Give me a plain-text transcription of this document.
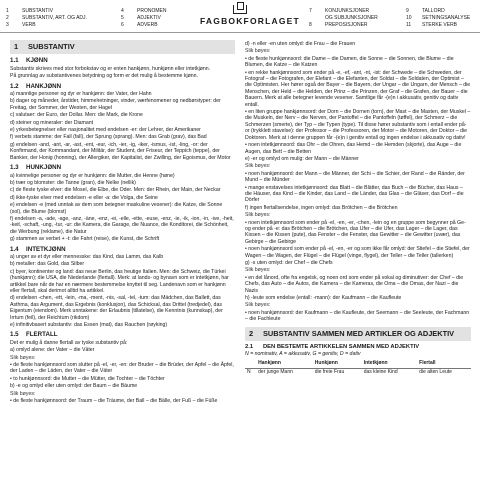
1	SUBSTANTIV
2	SUBSTANTIV, ART. OG ADJ.
3	VERB
4	PRONOMEN
5	ADJEKTIV
6	ADVERB	FAGBOKFORLAGET
7	KONJUNKSJONER
OG SUBJUNKSJONER
8	PREPOSISJONER
9	TALLORD
10	SETNINGSANALYSE
11	STERKE VERB
1 SUBSTANTIV
1.1 KJØNN
Substantiv skrives med stor forbokstav og er enten hankjønn, hunkjønn eller intetkjønn.
På grunnlag av substantivenes betydning og form er det mulig å bestemme kjønn.
1.2 HANKJØNN
a) mannlige personer og dyr er hankjønn: der Vater, der Hahn
b) dager og måneder, årstider, himmelretninger, vinder, værfenomener og nedbørstyper: der Freitag, der Sommer, der Westen, der Hagel
c) valutaer: der Euro, der Dollar. Men: die Mark, die Krone
d) steiner og mineraler: der Diamant
e) yrkesbetegnelser eller nasjonalitet med endelsen -er: der Lehrer, der Amerikaner
f) verbets stamme: der Fall (fall), der Sprung (sprang). Men: das Grab (grav), das Bad
g) endelsen -and, -ant, -ar, -ast, -ent, -eur, -ich, -ier, -ig, -iker, -ismus, -ist, -ling, -or: der Konfirmand, der Kommandant, der Militär, der Student, der Friseur, der Teppich (teppe), der Bankier, der Honig (honning), der Allergiker, der Kapitalist, der Zwilling, der Egoismus, der Motor
1.3 HUNKJØNN
a) kvinnelige personer og dyr er hunkjønn: die Mutter, die Henne (høne)
b) trær og blomster: die Tanne (gran), die Nelke (nellik)
c) de fleste tyske elver: die Mosel, die Elbe, die Oder. Men: der Rhein, der Main, der Neckar
d) ikke-tyske elver med endelsen -e eller -a: die Volga, die Seine
e) endelsen -e (med unntak av dem som betegner maskuline vesener): die Katze, die Sonne (sol), die Blume (blomst)
f) endelsen -a, -ade, -age, -anz, -äne, -enz, -ei, -elle, -ette, -euse, -enz, -ie, -ik, -ion, -in, -ive, -heit, -keit, -schaft, -ung, -tur, -ur: die Kamera, die Garage, die Nuance, die Konditorei, die Schönheit, die Werbung (reklame), die Natur
g) stammen av verbet + -t: die Fahrt (reise), die Kunst, die Schrift
1.4 INTETKJØNN
a) unger av et dyr eller mennesske: das Kind, das Lamm, das Kalb
b) metaller: das Gold, das Silber
c) byer, kontinenter og land: das neue Berlin, das heutige Italien. Men: die Schweiz, die Türkei (hunkjønn); die USA, die Niederlande (flertall). Merk: at lands- og bynavn som er intetkjønn, har artikkel bare når de har en nærmere bestemmelse knyttet til seg. Landenavn som er hankjønn eller flertall, skal derimot alltid ha artikkel.
d) endelsen -chen, -ett, -lein, -ma, -ment, -nis, -sal, -tel, -tum: das Mädchen, das Ballett, das Asthma, das Argument, das Ergebnis (konklusjon), das Schicksal, das Drittel (tredjedel), das Eigentum (eiendom). Merk unntakene: der Erlaubnis (tillatelse), die Kenntnis (kunnskap), der Irrtum (feil), der Reichtum (rikdom)
e) infinitivbasert substantiv: das Essen (mat), das Rauchen (røyking)
1.5 FLERTALL
Det er mulig å danne flertall av tyske substantiv på:
a) omlyd alene: der Vater – die Väter
Slik bøyes:
• de fleste hankjønnsord som slutter på -el, -er, -en: der Bruder – die Brüder, der Apfel – die Äpfel, der Laden – die Läden, der Vater – die Väter
• to hunkjønnsord: die Mutter – die Mütter, die Tochter – die Töchter
b) -e og omlyd eller uten omlyd: der Baum – die Bäume
Slik bøyes:
• de fleste hankjønnsord: der Traum – die Träume, der Ball – die Bälle, der Fuß – die Füße
d) -n eller -en uten omlyd: die Frau – die Frauen
Slik bøyes:
• de fleste hunkjønnsord: die Dame – die Damen, die Sonne – die Sonnen, die Blume – die Blumen, die Katze – die Katzen
• en rekke hankjønnsord som ender på -e, -ef, -ant, -nt, -ist: der Schwede – die Schweden, der Fotograf – die Fotografen, der Elefant – die Elefanten, der Soldat – die Soldaten, der Optimist – die Optimisten. Her hører også der Bayer – die Bayern, der Ungar – die Ungarn, der Mensch – die Menschen, der Held – die Helden, der Prinz – die Prinzen, der Graf – die Grafen, der Bauer – die Bauern. Merk at alle betegner levende vesener. Samtlige får -(e)n i akkusativ, genitiv og dativ entall.
• en liten gruppe hankjønnsord: der Dorn – die Dornen (torn), der Mast – die Masten, der Muskel – die Muskeln, der Nerv – die Nerven, der Pantoffel – die Pantoffeln (tøffel), der Schmerz – die Schmerzen (smerte), der Typ – die Typen (type). Til disse hører substantiv som i entall ender på-or (trykklett stavelse): der Professor – die Professoren, der Motor – die Motoren, der Doktor – die Doktoren. Merk at i denne gruppen får -(e)n i genitiv entall og ingen endelse i akkusativ og dativ!
• noen intetkjønnsord: das Ohr – die Ohren, das Hemd – die Hemden (skjorte), das Auge – die Augen, das Bett – die Betten
e) -er og omlyd om mulig: der Mann – die Männer
Slik bøyes:
• noen hankjønnsord: der Mann – die Männer, der Schi – die Schier, der Rand – die Ränder, der Mund – die Münder
• mange enstavelses intetkjønnsord: das Blatt – die Blätter, das Buch – die Bücher, das Haus – die Häuser, das Kind – die Kinder, das Land – die Länder, das Glas – die Gläser, das Dorf – die Dörfer
f) ingen flertallsendelse, ingen omlyd: das Brötchen – die Brötchen
Slik bøyes:
• noen intetkjønnsord som ender på -el, -en, -er, -chen, -lein og en gruppe som begynner på Ge- og ender på -e: das Brötchen – die Brötchen, das Ufer – die Ufer, das Lager – die Lager, das Kissen – die Kissen (pute), das Fenster – die Fenster, das Gewitter – die Gewitter (uvær), das Gebirge – die Gebirge
• noen hankjønnsord som ender på -el, -en, -er og som ikke får omlyd: der Stiefel – die Stiefel, der Wagen – die Wagen, der Flügel – die Flügel (vinge, flygel), der Teller – die Teller (tallerken)
g) -s uten omlyd: der Chef – die Chefs
Slik bøyes:
• en del lånord, ofte fra engelsk, og noen ord som ender på vokal og diminutiver: der Chef – die Chefs, das Auto – die Autos, die Kamera – die Kameras, die Oma – die Omas, der Nazi – die Nazis
h) -leute som endelse (entall: -mann): der Kaufmann – die Kaufleute
Slik bøyes:
• noen hankjønnsord: der Kaufmann – die Kaufleute, der Seemann – die Seeleute, der Fachmann – die Fachleute
2 SUBSTANTIV SAMMEN MED ARTIKLER OG ADJEKTIV
2.1 DEN BESTEMTE ARTIKKELEN SAMMEN MED ADJEKTIV
N = nominativ, A = akkusativ, G = genitiv, D = dativ
	Hankjønn	Hunkjønn	Intetkjønn	Flertall
N	der junge Mann	die freie Frau	das kleine Kind	die alten Leute
